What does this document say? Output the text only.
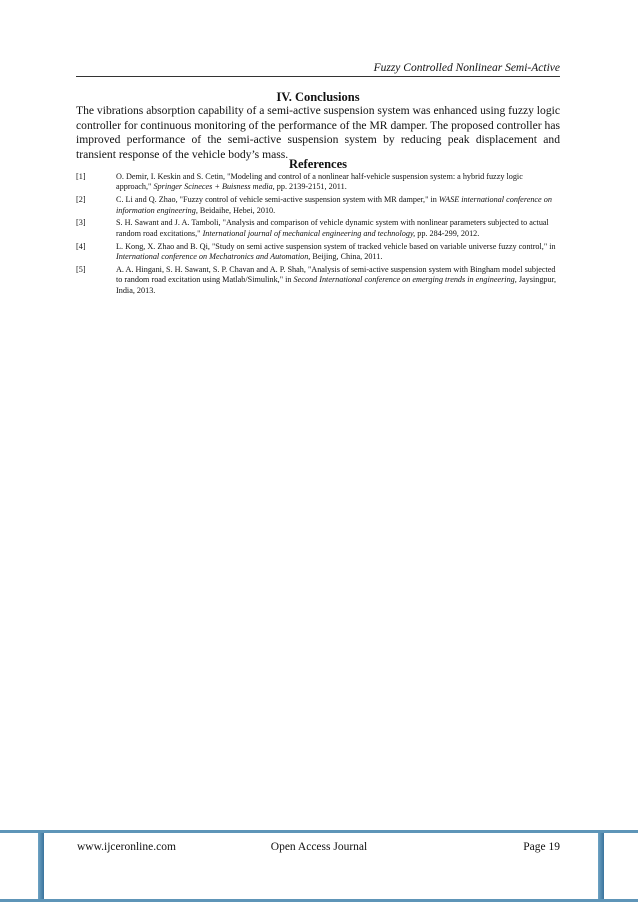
Fuzzy Controlled Nonlinear Semi-Active
IV. Conclusions

The vibrations absorption capability of a semi-active suspension system was enhanced using fuzzy logic controller for continuous monitoring of the performance of the MR damper. The proposed controller has improved performance of the semi-active suspension system by reducing peak displacement and transient response of the vehicle body’s mass.

References
[1]	O. Demir, I. Keskin and S. Cetin, "Modeling and control of a nonlinear half-vehicle suspension system: a hybrid fuzzy logic approach," Springer Scineces + Buisness media, pp. 2139-2151, 2011.
[2]	C. Li and Q. Zhao, "Fuzzy control of vehicle semi-active suspension system with MR damper," in WASE international conference on information engineering, Beidaihe, Hebei, 2010.
[3]	S. H. Sawant and J. A. Tamboli, "Analysis and comparison of vehicle dynamic system with nonlinear parameters subjected to actual random road excitations," International journal of mechanical engineering and technology, pp. 284-299, 2012.
[4]	L. Kong, X. Zhao and B. Qi, "Study on semi active suspension system of tracked vehicle based on variable universe fuzzy control," in International conference on Mechatronics and Automation, Beijing, China, 2011.
[5]	A. A. Hingani, S. H. Sawant, S. P. Chavan and A. P. Shah, "Analysis of semi-active suspension system with Bingham model subjected to random road excitation using Matlab/Simulink," in Second International conference on emerging trends in engineering, Jaysingpur, India, 2013.
www.ijceronline.com	Open Access Journal	Page 19
